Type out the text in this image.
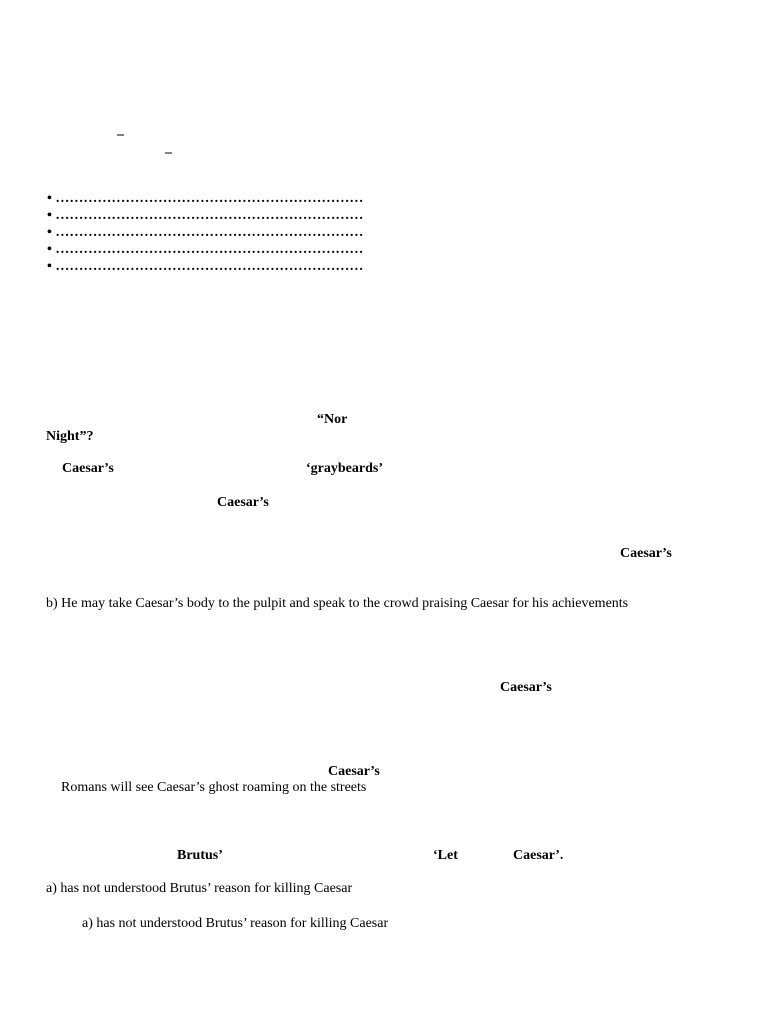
• …………………………………………………………
• …………………………………………………………
• …………………………………………………………
• …………………………………………………………
• …………………………………………………………
–
–
“Nor
Night”?
Caesar’s	‘graybeards’
Caesar’s
Caesar’s
b) He may take Caesar’s body to the pulpit and speak to the crowd praising Caesar for his achievements
Caesar’s
Caesar’s
Romans will see Caesar’s ghost roaming on the streets
Brutus’	‘Let	Caesar’.
a) has not understood Brutus’ reason for killing Caesar
a) has not understood Brutus’ reason for killing Caesar
